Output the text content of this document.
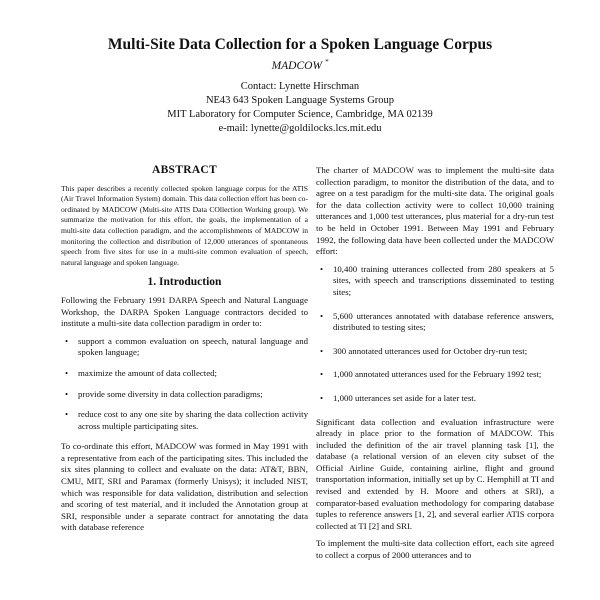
Multi-Site Data Collection for a Spoken Language Corpus
MADCOW *
Contact: Lynette Hirschman
NE43 643 Spoken Language Systems Group
MIT Laboratory for Computer Science, Cambridge, MA 02139
e-mail: lynette@goldilocks.lcs.mit.edu
ABSTRACT

This paper describes a recently collected spoken language corpus for the ATIS (Air Travel Information System) domain. This data collection effort has been co-ordinated by MADCOW (Multi-site ATIS Data COllection Working group). We summarize the motivation for this effort, the goals, the implementation of a multi-site data collection paradigm, and the accomplishments of MADCOW in monitoring the collection and distribution of 12,000 utterances of spontaneous speech from five sites for use in a multi-site common evaluation of speech, natural language and spoken language.

1. Introduction

Following the February 1991 DARPA Speech and Natural Language Workshop, the DARPA Spoken Language contractors decided to institute a multi-site data collection paradigm in order to:

• support a common evaluation on speech, natural language and spoken language;
• maximize the amount of data collected;
• provide some diversity in data collection paradigms;
• reduce cost to any one site by sharing the data collection activity across multiple participating sites.

To co-ordinate this effort, MADCOW was formed in May 1991 with a representative from each of the participating sites. This included the six sites planning to collect and evaluate on the data: AT&T, BBN, CMU, MIT, SRI and Paramax (formerly Unisys); it included NIST, which was responsible for data validation, distribution and selection and scoring of test material, and it included the Annotation group at SRI, responsible under a separate contract for annotating the data with database reference

The charter of MADCOW was to implement the multi-site data collection paradigm, to monitor the distribution of the data, and to agree on a test paradigm for the multi-site data. The original goals for the data collection activity were to collect 10,000 training utterances and 1,000 test utterances, plus material for a dry-run test to be held in October 1991. Between May 1991 and February 1992, the following data have been collected under the MADCOW effort:

• 10,400 training utterances collected from 280 speakers at 5 sites, with speech and transcriptions disseminated to testing sites;
• 5,600 utterances annotated with database reference answers, distributed to testing sites;
• 300 annotated utterances used for October dry-run test;
• 1,000 annotated utterances used for the February 1992 test;
• 1,000 utterances set aside for a later test.

Significant data collection and evaluation infrastructure were already in place prior to the formation of MADCOW. This included the definition of the air travel planning task [1], the database (a relational version of an eleven city subset of the Official Airline Guide, containing airline, flight and ground transportation information, initially set up by C. Hemphill at TI and revised and extended by H. Moore and others at SRI), a comparator-based evaluation methodology for comparing database tuples to reference answers [1, 2], and several earlier ATIS corpora collected at TI [2] and SRI.

To implement the multi-site data collection effort, each site agreed to collect a corpus of 2000 utterances and to
